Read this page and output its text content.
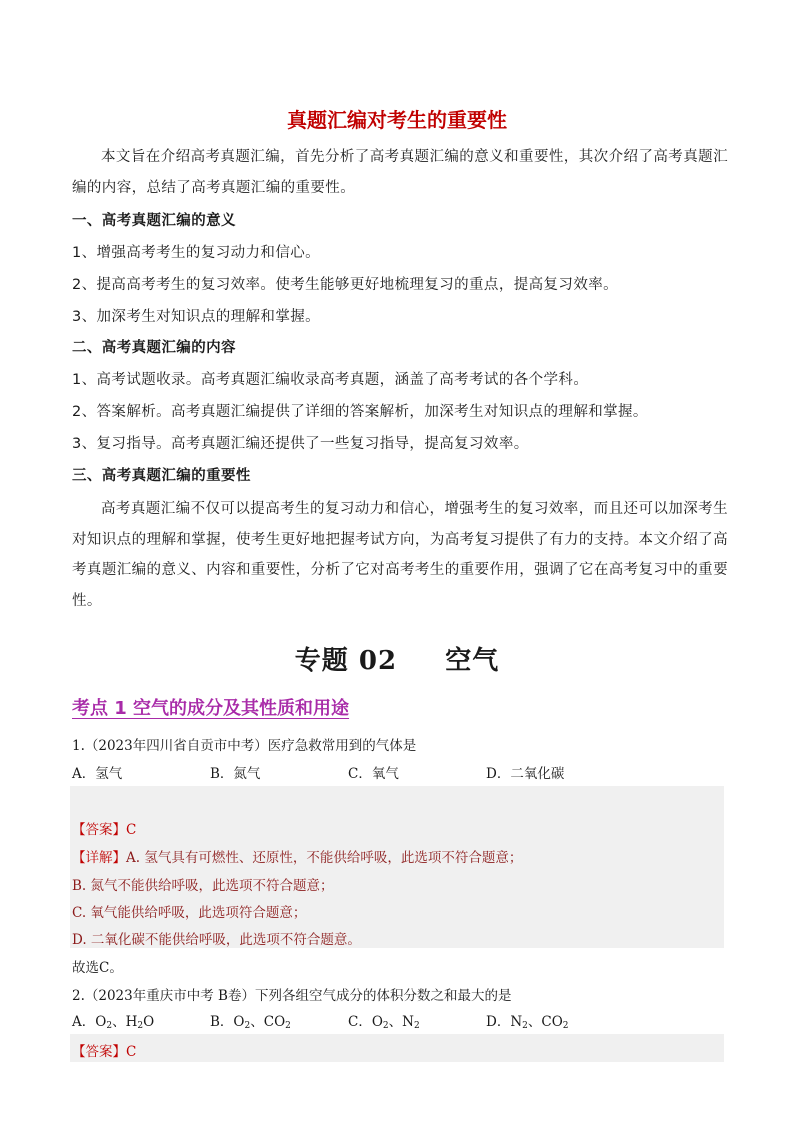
真题汇编对考生的重要性
本文旨在介绍高考真题汇编，首先分析了高考真题汇编的意义和重要性，其次介绍了高考真题汇编的内容，总结了高考真题汇编的重要性。
一、高考真题汇编的意义
1、增强高考考生的复习动力和信心。
2、提高高考考生的复习效率。使考生能够更好地梳理复习的重点，提高复习效率。
3、加深考生对知识点的理解和掌握。
二、高考真题汇编的内容
1、高考试题收录。高考真题汇编收录高考真题，涵盖了高考考试的各个学科。
2、答案解析。高考真题汇编提供了详细的答案解析，加深考生对知识点的理解和掌握。
3、复习指导。高考真题汇编还提供了一些复习指导，提高复习效率。
三、高考真题汇编的重要性
高考真题汇编不仅可以提高考生的复习动力和信心，增强考生的复习效率，而且还可以加深考生对知识点的理解和掌握，使考生更好地把握考试方向，为高考复习提供了有力的支持。本文介绍了高考真题汇编的意义、内容和重要性，分析了它对高考考生的重要作用，强调了它在高考复习中的重要性。
专题 02 空气
考点 1 空气的成分及其性质和用途
1.（2023年四川省自贡市中考）医疗急救常用到的气体是
A．氢气	B．氮气	C．氧气	D．二氧化碳
【答案】C
【详解】A. 氢气具有可燃性、还原性，不能供给呼吸，此选项不符合题意；
B. 氮气不能供给呼吸，此选项不符合题意；
C. 氧气能供给呼吸，此选项符合题意；
D. 二氧化碳不能供给呼吸，此选项不符合题意。
故选C。
2.（2023年重庆市中考 B卷）下列各组空气成分的体积分数之和最大的是
A．$O_2$、$H_2O$	B．$O_2$、$CO_2$	C．$O_2$、$N_2$	D．$N_2$、$CO_2$
【答案】C
